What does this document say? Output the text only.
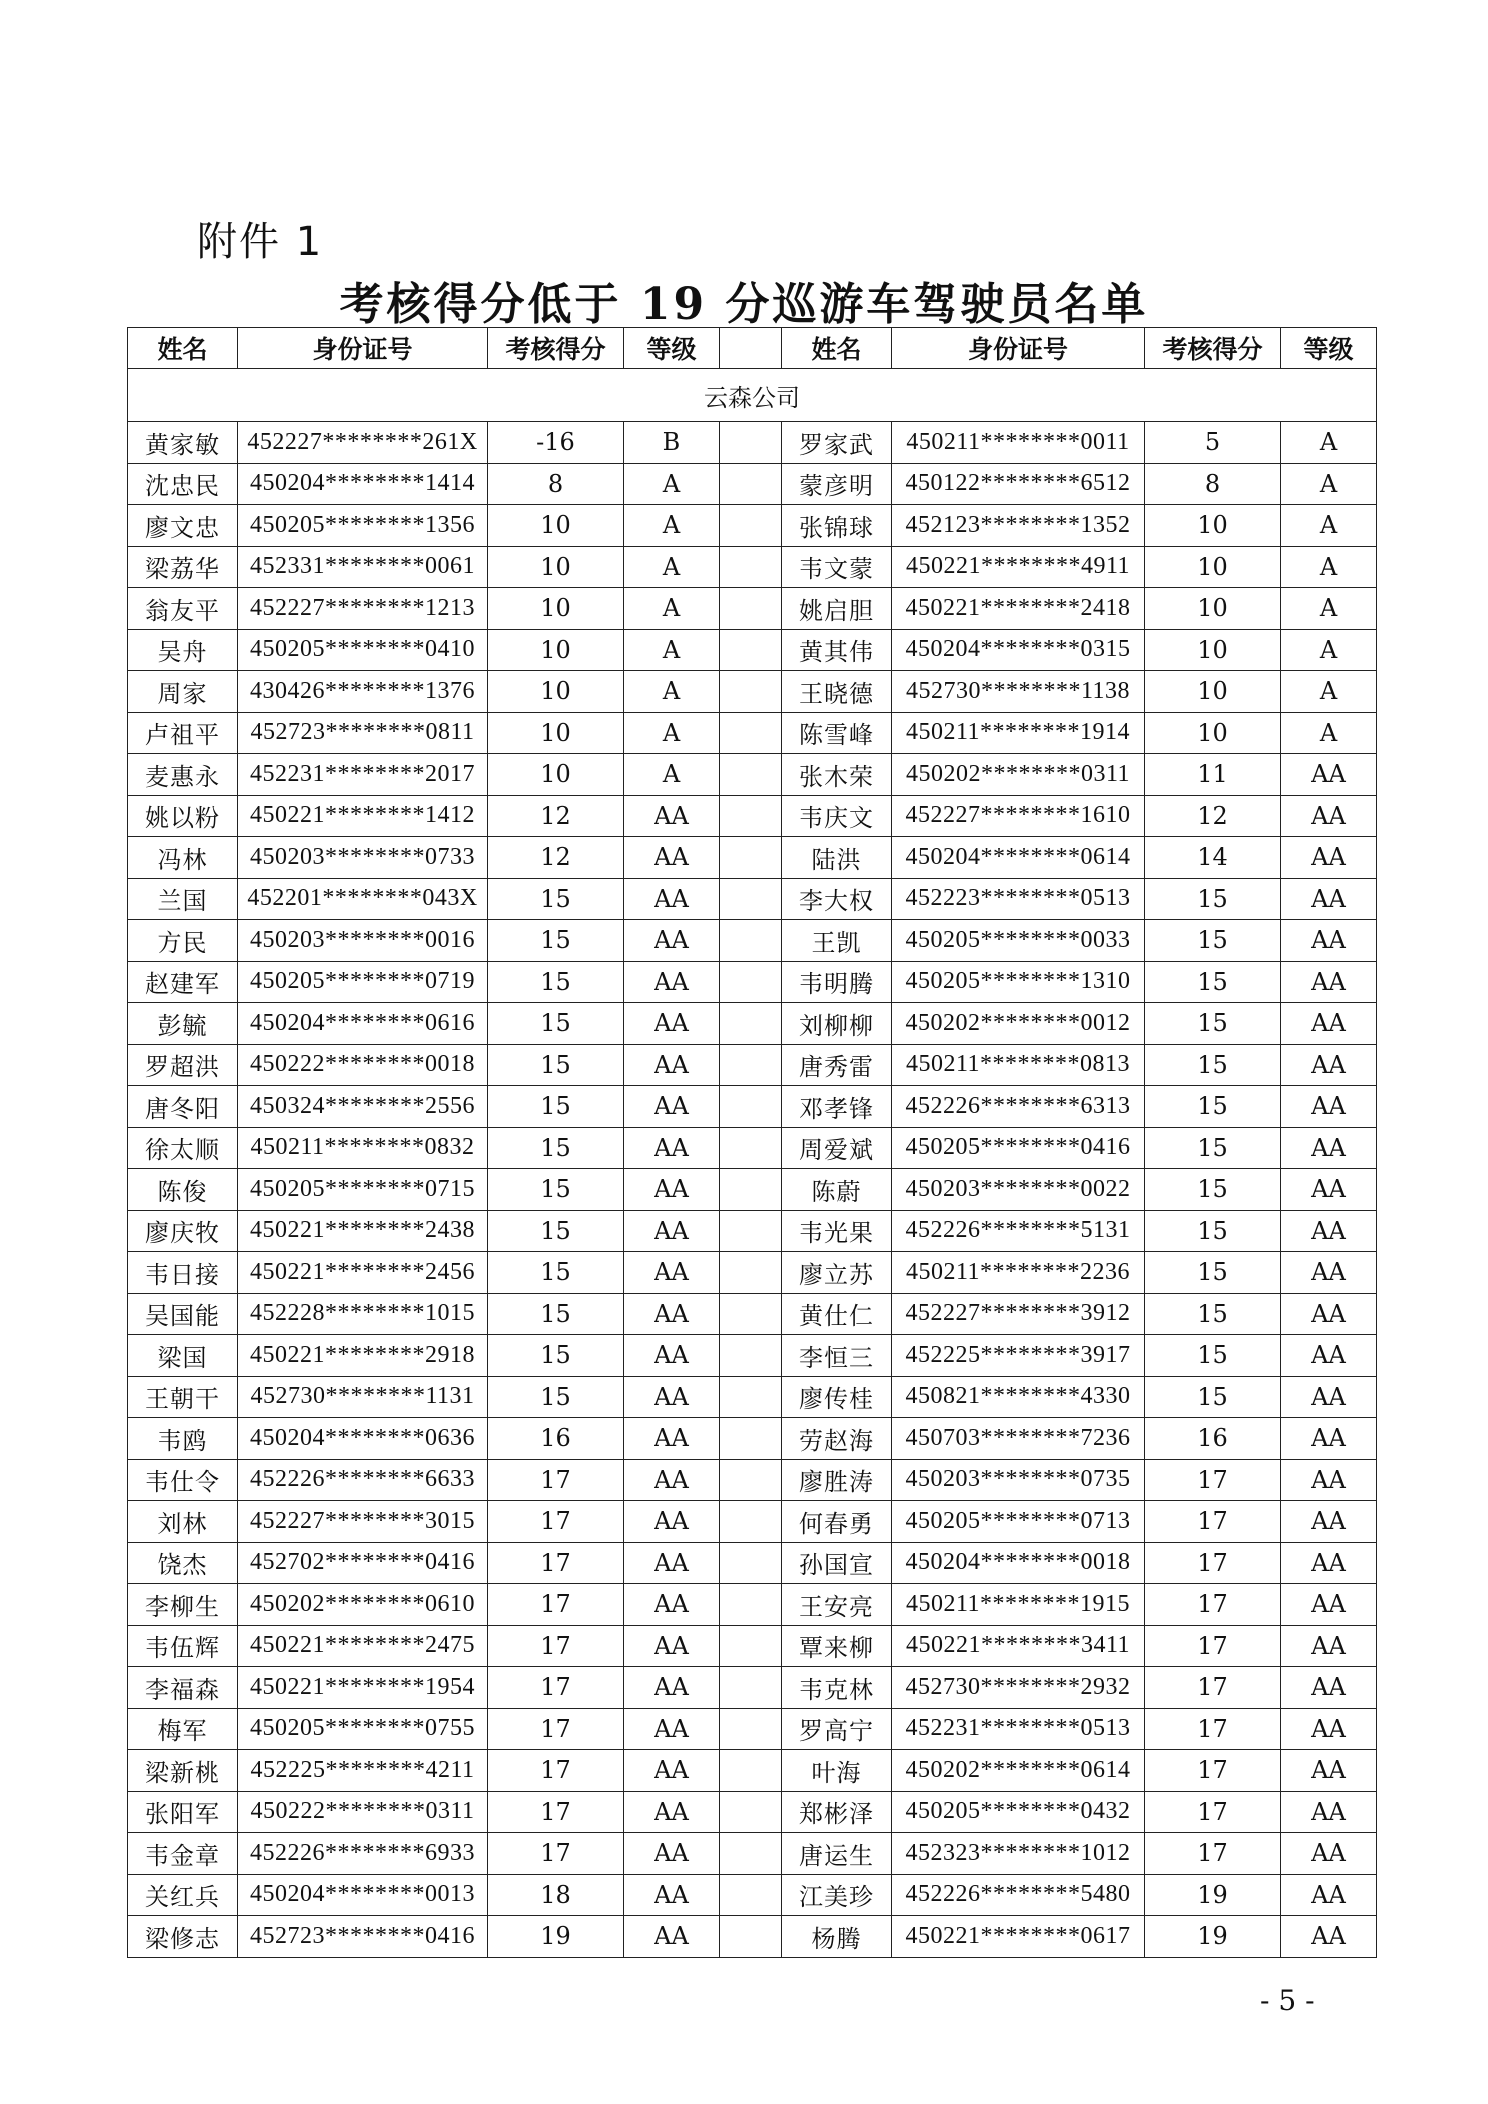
附件 1
考核得分低于 19 分巡游车驾驶员名单
姓名	身份证号	考核得分	等级		姓名	身份证号	考核得分	等级
云森公司								
黄家敏	452227********261X	-16	B		罗家武	450211********0011	5	A
沈忠民	450204********1414	8	A		蒙彦明	450122********6512	8	A
廖文忠	450205********1356	10	A		张锦球	452123********1352	10	A
梁荔华	452331********0061	10	A		韦文蒙	450221********4911	10	A
翁友平	452227********1213	10	A		姚启胆	450221********2418	10	A
吴舟	450205********0410	10	A		黄其伟	450204********0315	10	A
周家	430426********1376	10	A		王晓德	452730********1138	10	A
卢祖平	452723********0811	10	A		陈雪峰	450211********1914	10	A
麦惠永	452231********2017	10	A		张木荣	450202********0311	11	AA
姚以粉	450221********1412	12	AA		韦庆文	452227********1610	12	AA
冯林	450203********0733	12	AA		陆洪	450204********0614	14	AA
兰国	452201********043X	15	AA		李大权	452223********0513	15	AA
方民	450203********0016	15	AA		王凯	450205********0033	15	AA
赵建军	450205********0719	15	AA		韦明腾	450205********1310	15	AA
彭毓	450204********0616	15	AA		刘柳柳	450202********0012	15	AA
罗超洪	450222********0018	15	AA		唐秀雷	450211********0813	15	AA
唐冬阳	450324********2556	15	AA		邓孝锋	452226********6313	15	AA
徐太顺	450211********0832	15	AA		周爱斌	450205********0416	15	AA
陈俊	450205********0715	15	AA		陈蔚	450203********0022	15	AA
廖庆牧	450221********2438	15	AA		韦光果	452226********5131	15	AA
韦日接	450221********2456	15	AA		廖立苏	450211********2236	15	AA
吴国能	452228********1015	15	AA		黄仕仁	452227********3912	15	AA
梁国	450221********2918	15	AA		李恒三	452225********3917	15	AA
王朝干	452730********1131	15	AA		廖传桂	450821********4330	15	AA
韦鸥	450204********0636	16	AA		劳赵海	450703********7236	16	AA
韦仕令	452226********6633	17	AA		廖胜涛	450203********0735	17	AA
刘林	452227********3015	17	AA		何春勇	450205********0713	17	AA
饶杰	452702********0416	17	AA		孙国宣	450204********0018	17	AA
李柳生	450202********0610	17	AA		王安亮	450211********1915	17	AA
韦伍辉	450221********2475	17	AA		覃来柳	450221********3411	17	AA
李福森	450221********1954	17	AA		韦克林	452730********2932	17	AA
梅军	450205********0755	17	AA		罗高宁	452231********0513	17	AA
梁新桃	452225********4211	17	AA		叶海	450202********0614	17	AA
张阳军	450222********0311	17	AA		郑彬泽	450205********0432	17	AA
韦金章	452226********6933	17	AA		唐运生	452323********1012	17	AA
关红兵	450204********0013	18	AA		江美珍	452226********5480	19	AA
梁修志	452723********0416	19	AA		杨腾	450221********0617	19	AA
- 5 -
